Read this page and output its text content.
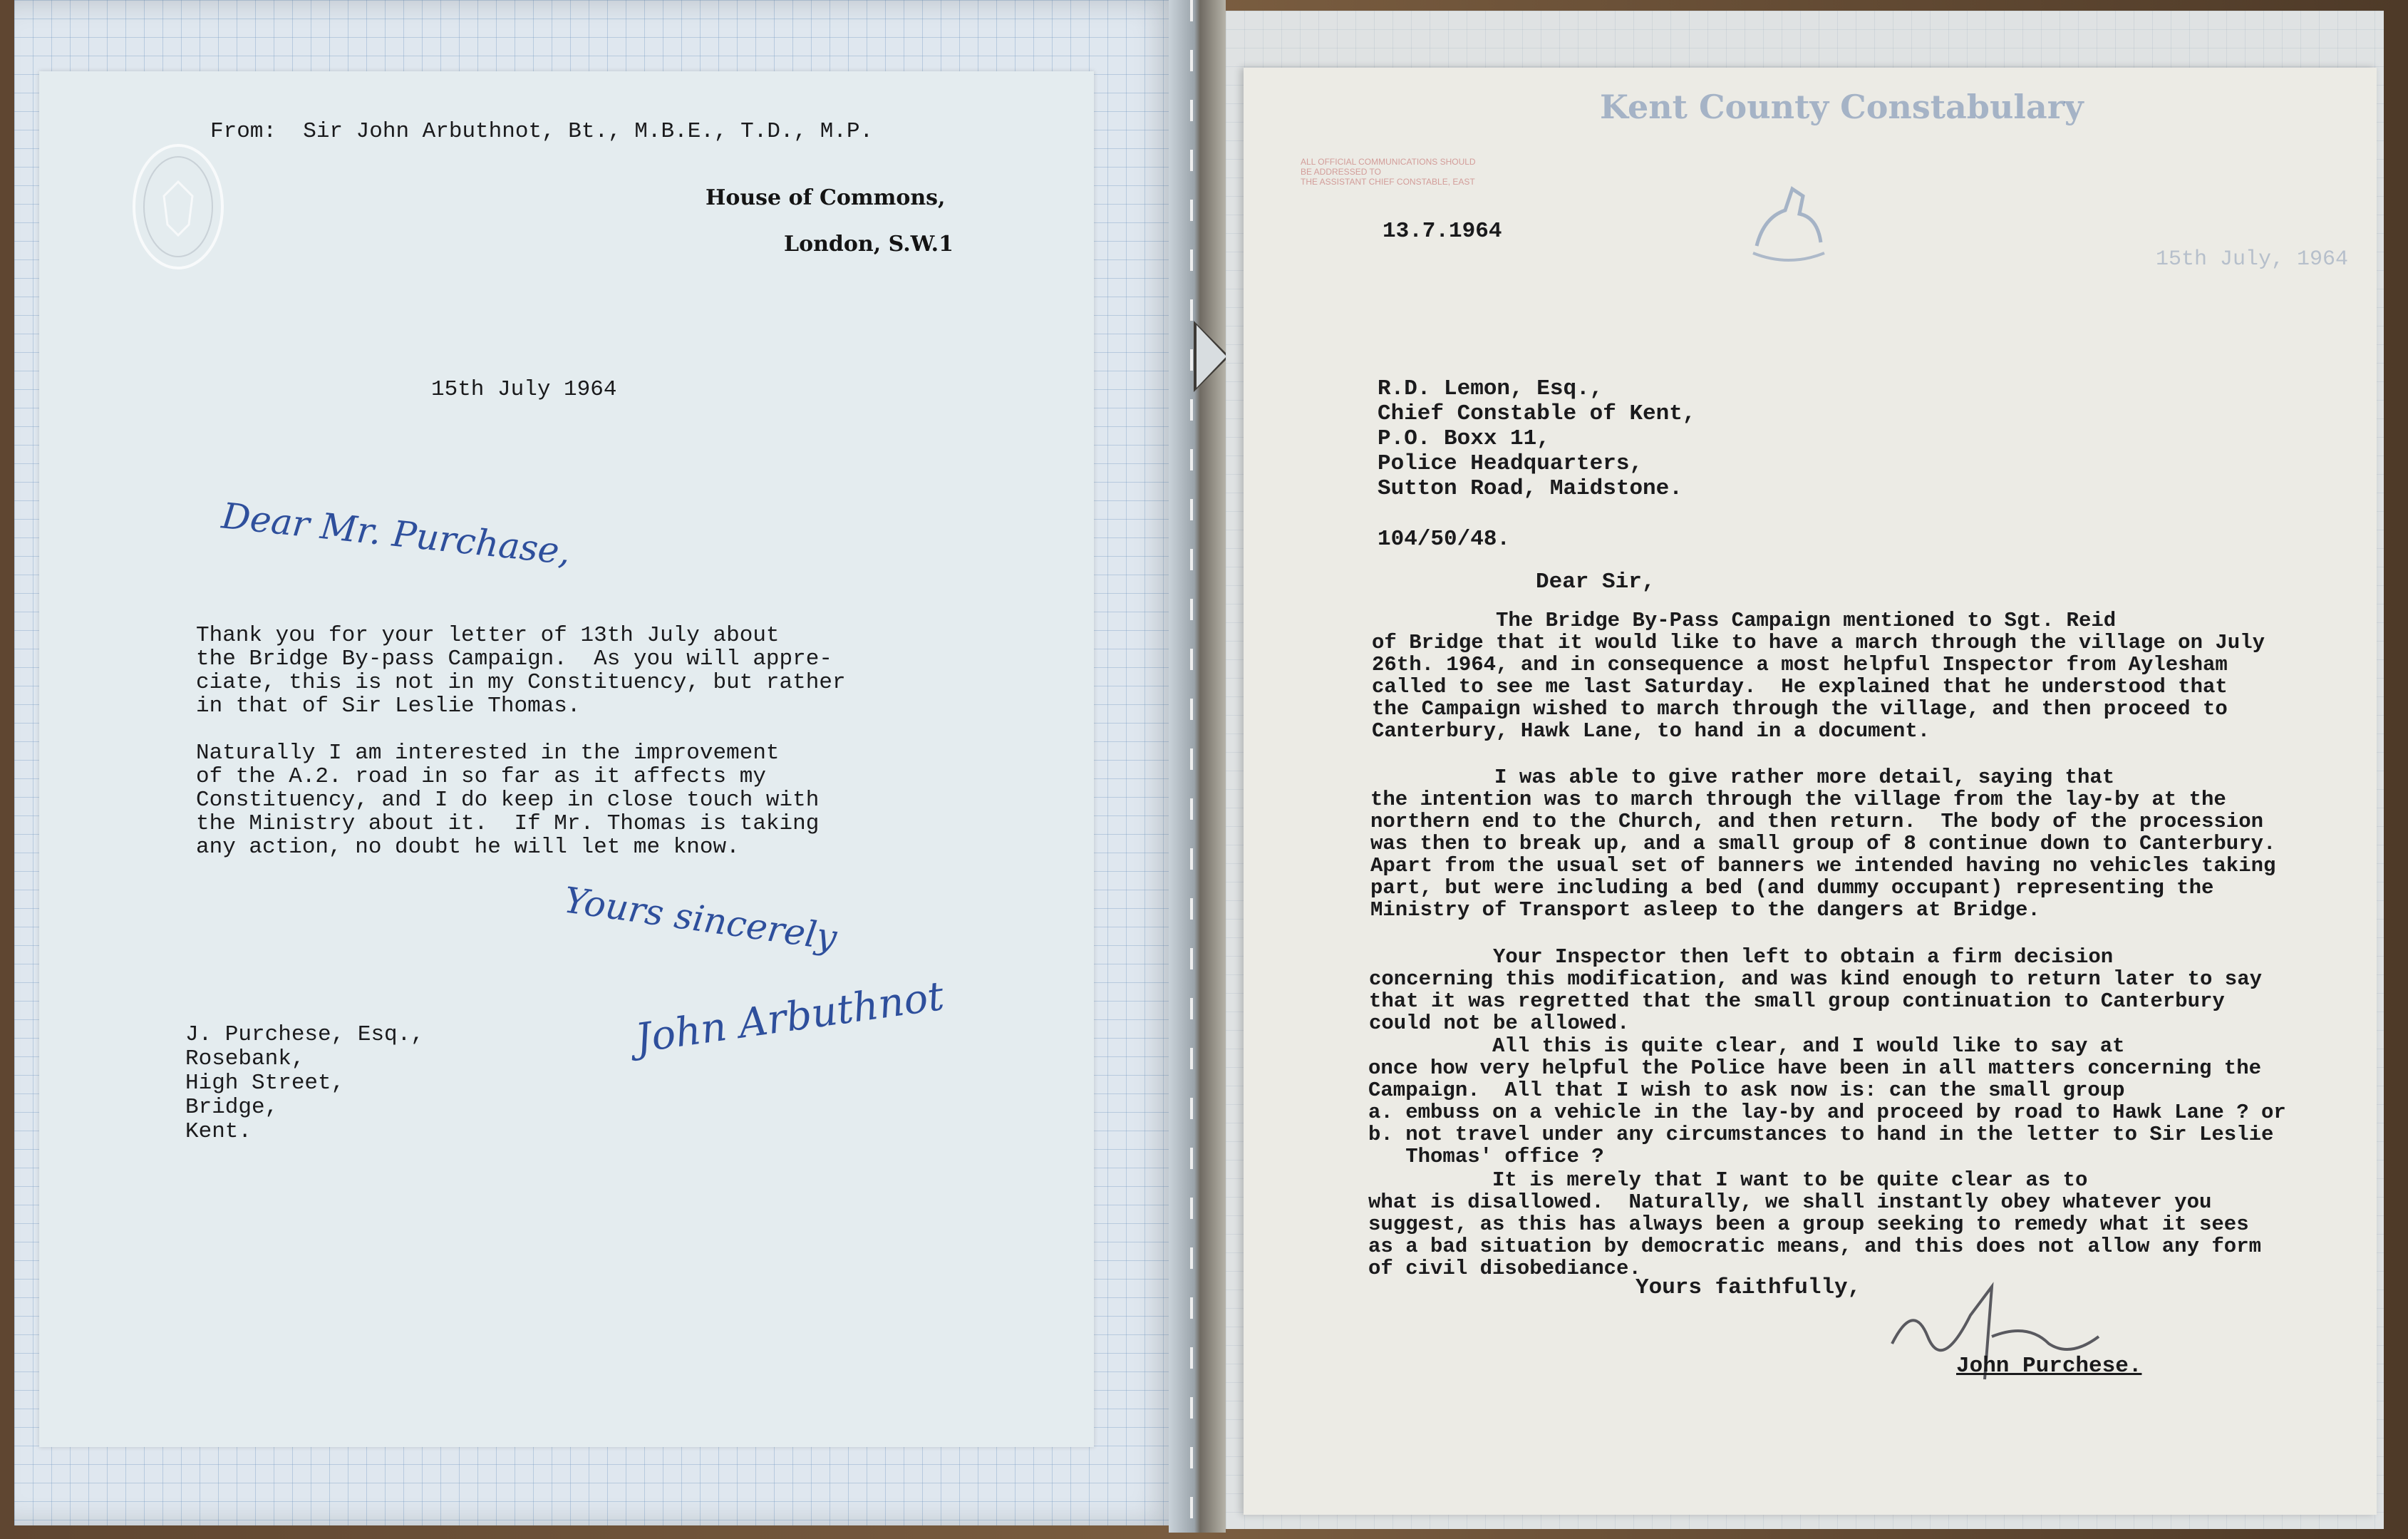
From:  Sir John Arbuthnot, Bt., M.B.E., T.D., M.P.
House of Commons,
London, S.W.1
15th July 1964
Dear Mr. Purchase,
Thank you for your letter of 13th July about
the Bridge By-pass Campaign.  As you will appre-
ciate, this is not in my Constituency, but rather
in that of Sir Leslie Thomas.
Naturally I am interested in the improvement
of the A.2. road in so far as it affects my
Constituency, and I do keep in close touch with
the Ministry about it.  If Mr. Thomas is taking
any action, no doubt he will let me know.
Yours sincerely
John Arbuthnot
J. Purchese, Esq.,
Rosebank,
High Street,
Bridge,
Kent.
Kent County Constabulary
ALL OFFICIAL COMMUNICATIONS SHOULD
BE ADDRESSED TO
THE ASSISTANT CHIEF CONSTABLE, EAST
13.7.1964
15th July, 1964
R.D. Lemon, Esq.,
Chief Constable of Kent,
P.O. Boxx 11,
Police Headquarters,
Sutton Road, Maidstone.
104/50/48.
Dear Sir,
The Bridge By-Pass Campaign mentioned to Sgt. Reid
of Bridge that it would like to have a march through the village on July
26th. 1964, and in consequence a most helpful Inspector from Aylesham
called to see me last Saturday.  He explained that he understood that
the Campaign wished to march through the village, and then proceed to
Canterbury, Hawk Lane, to hand in a document.
I was able to give rather more detail, saying that
the intention was to march through the village from the lay-by at the
northern end to the Church, and then return.  The body of the procession
was then to break up, and a small group of 8 continue down to Canterbury.
Apart from the usual set of banners we intended having no vehicles taking
part, but were including a bed (and dummy occupant) representing the
Ministry of Transport asleep to the dangers at Bridge.
Your Inspector then left to obtain a firm decision
concerning this modification, and was kind enough to return later to say
that it was regretted that the small group continuation to Canterbury
could not be allowed.
All this is quite clear, and I would like to say at
once how very helpful the Police have been in all matters concerning the
Campaign.  All that I wish to ask now is: can the small group
a. embuss on a vehicle in the lay-by and proceed by road to Hawk Lane ? or
b. not travel under any circumstances to hand in the letter to Sir Leslie
Thomas' office ?
It is merely that I want to be quite clear as to
what is disallowed.  Naturally, we shall instantly obey whatever you
suggest, as this has always been a group seeking to remedy what it sees
as a bad situation by democratic means, and this does not allow any form
of civil disobediance.
Yours faithfully,
John Purchese.
